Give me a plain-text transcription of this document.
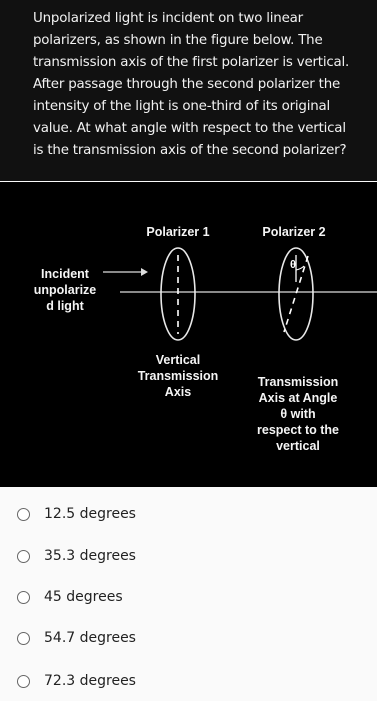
Unpolarized light is incident on two linear
polarizers, as shown in the figure below. The
transmission axis of the first polarizer is vertical.
After passage through the second polarizer the
intensity of the light is one-third of its original
value. At what angle with respect to the vertical
is the transmission axis of the second polarizer?
θ
Polarizer 1	Polarizer 2
Incident
unpolarize
d light
Vertical
Transmission
Axis
Transmission
Axis at Angle
θ with
respect to the
vertical
12.5 degrees
35.3 degrees
45 degrees
54.7 degrees
72.3 degrees
